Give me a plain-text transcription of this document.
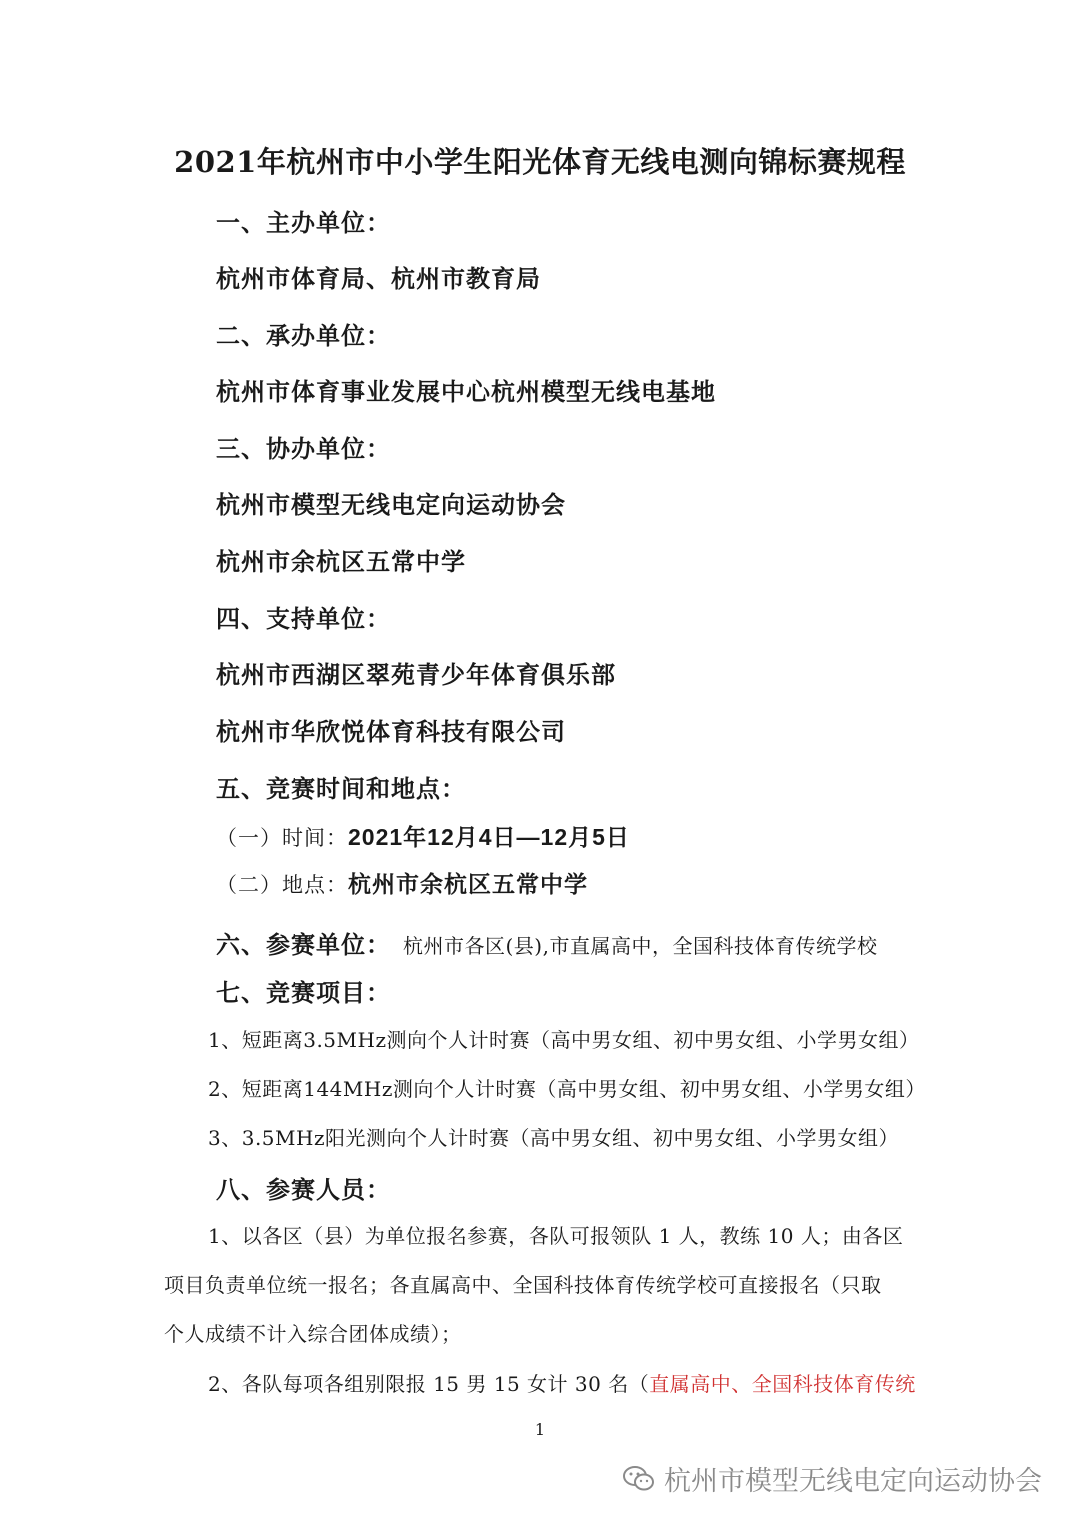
2021年杭州市中小学生阳光体育无线电测向锦标赛规程
一、主办单位：
杭州市体育局、杭州市教育局
二、承办单位：
杭州市体育事业发展中心杭州模型无线电基地
三、协办单位：
杭州市模型无线电定向运动协会
杭州市余杭区五常中学
四、支持单位：
杭州市西湖区翠苑青少年体育俱乐部
杭州市华欣悦体育科技有限公司
五、竞赛时间和地点：
（一）时间：2021年12月4日—12月5日
（二）地点：杭州市余杭区五常中学
六、参赛单位： 杭州市各区(县),市直属高中，全国科技体育传统学校
七、竞赛项目：
1、短距离3.5MHz测向个人计时赛（高中男女组、初中男女组、小学男女组）
2、短距离144MHz测向个人计时赛（高中男女组、初中男女组、小学男女组）
3、3.5MHz阳光测向个人计时赛（高中男女组、初中男女组、小学男女组）
八、参赛人员：
1、以各区（县）为单位报名参赛，各队可报领队 1 人，教练 10 人；由各区
项目负责单位统一报名；各直属高中、全国科技体育传统学校可直接报名（只取
个人成绩不计入综合团体成绩）；
2、各队每项各组别限报 15 男 15 女计 30 名（直属高中、全国科技体育传统
1
杭州市模型无线电定向运动协会
